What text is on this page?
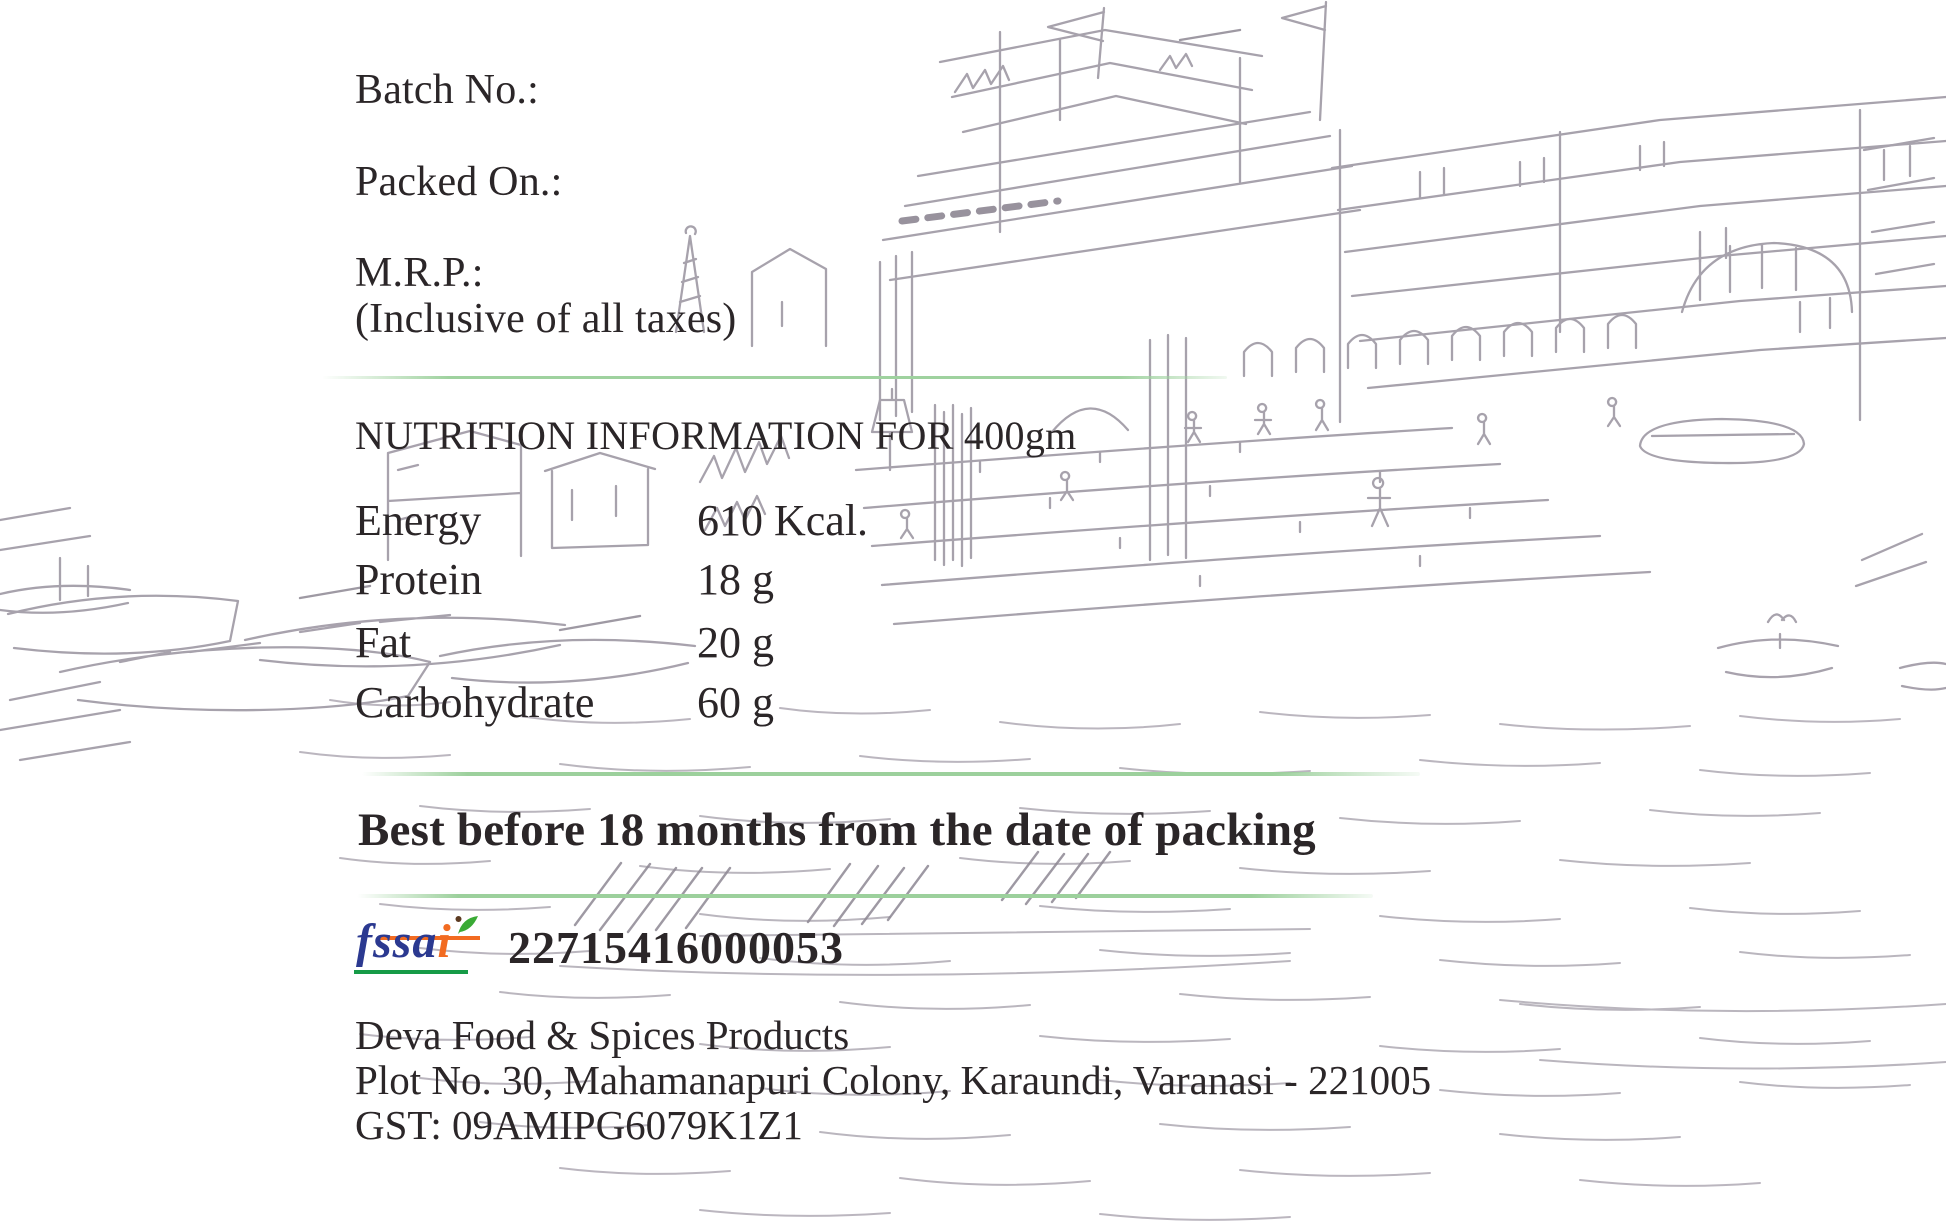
Batch No.:
Packed On.:
M.R.P.:
(Inclusive of all taxes)
NUTRITION INFORMATION FOR 400gm
Energy	610 Kcal.
Protein	18 g
Fat	20 g
Carbohydrate 60 g
Best before 18 months from the date of packing
fssai 22715416000053
Deva Food & Spices Products
Plot No. 30, Mahamanapuri Colony, Karaundi, Varanasi - 221005
GST: 09AMIPG6079K1Z1
